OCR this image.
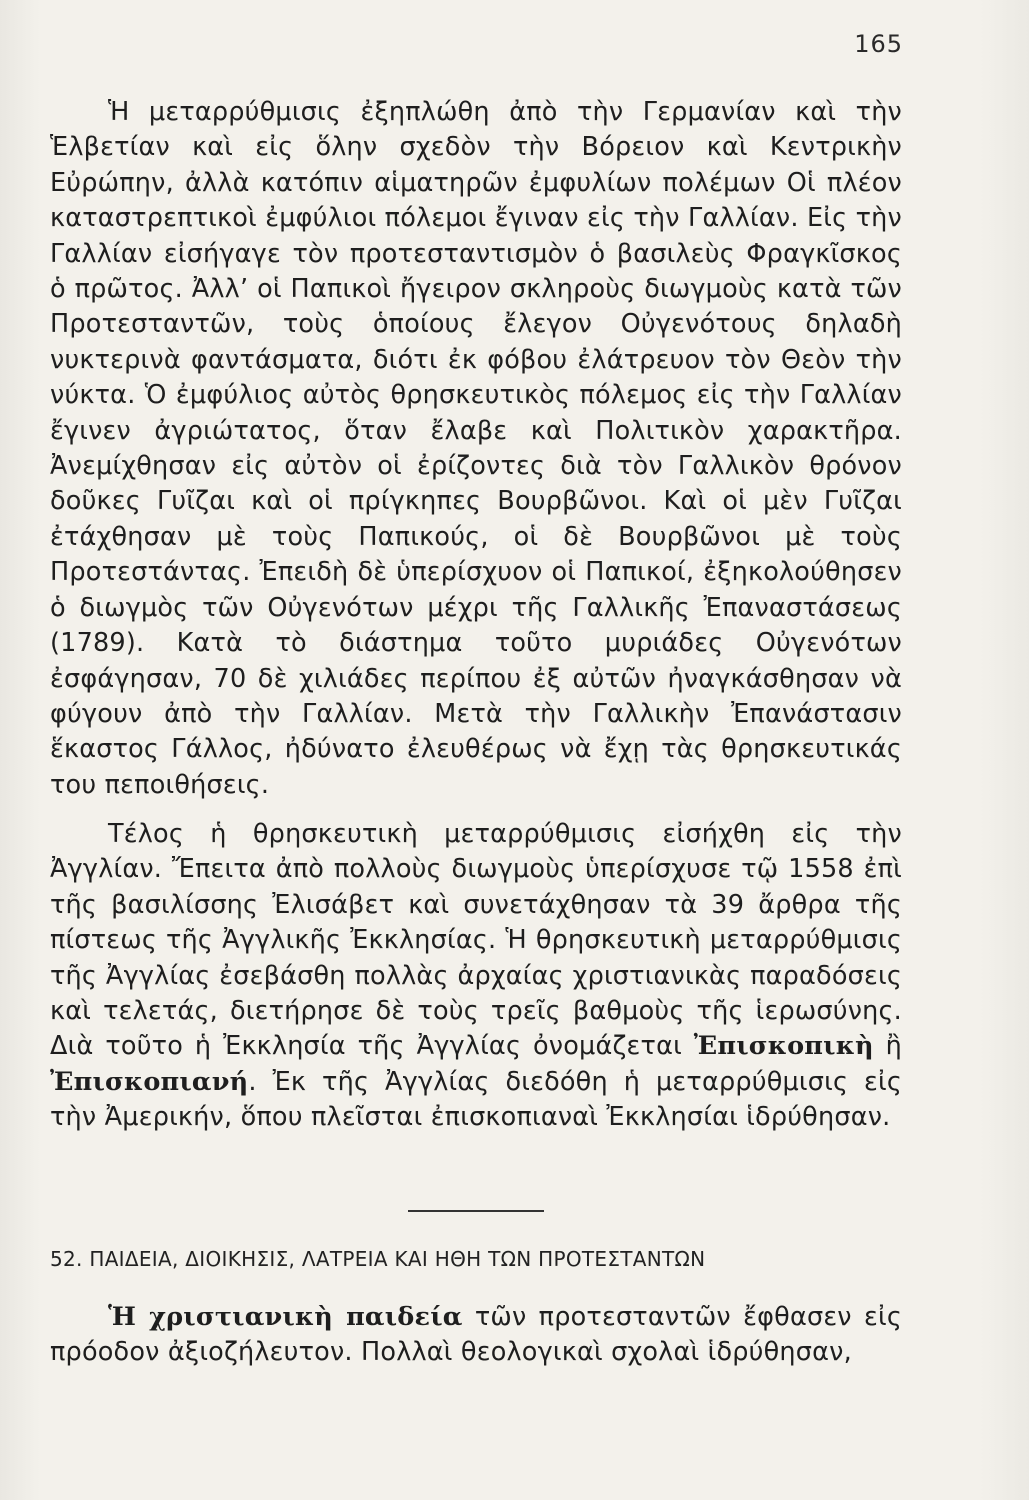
165

Ἡ μεταρρύθμισις ἐξηπλώθη ἀπὸ τὴν Γερμανίαν καὶ τὴν Ἑλβετίαν καὶ εἰς ὅλην σχεδὸν τὴν Βόρειον καὶ Κεντρικὴν Εὐρώπην, ἀλλὰ κατόπιν αἱματηρῶν ἐμφυλίων πολέμων Οἱ πλέον καταστρεπτικοὶ ἐμφύλιοι πόλεμοι ἔγιναν εἰς τὴν Γαλλίαν. Εἰς τὴν Γαλλίαν εἰσήγαγε τὸν προτεσταντισμὸν ὁ βασιλεὺς Φραγκῖσκος ὁ πρῶτος. Ἀλλ’ οἱ Παπικοὶ ἤγειρον σκληροὺς διωγμοὺς κατὰ τῶν Προτεσταντῶν, τοὺς ὁποίους ἔλεγον Οὐγενότους δηλαδὴ νυκτερινὰ φαντάσματα, διότι ἐκ φόβου ἐλάτρευον τὸν Θεὸν τὴν νύκτα. Ὁ ἐμφύλιος αὐτὸς θρησκευτικὸς πόλεμος εἰς τὴν Γαλλίαν ἔγινεν ἀγριώτατος, ὅταν ἔλαβε καὶ Πολιτικὸν χαρακτῆρα. Ἀνεμίχθησαν εἰς αὐτὸν οἱ ἐρίζοντες διὰ τὸν Γαλλικὸν θρόνον δοῦκες Γυῖζαι καὶ οἱ πρίγκηπες Βουρβῶνοι. Καὶ οἱ μὲν Γυῖζαι ἐτάχθησαν μὲ τοὺς Παπικούς, οἱ δὲ Βουρβῶνοι μὲ τοὺς Προτεστάντας. Ἐπειδὴ δὲ ὑπερίσχυον οἱ Παπικοί, ἐξηκολούθησεν ὁ διωγμὸς τῶν Οὐγενότων μέχρι τῆς Γαλλικῆς Ἐπαναστάσεως (1789). Κατὰ τὸ διάστημα τοῦτο μυριάδες Οὐγενότων ἐσφάγησαν, 70 δὲ χιλιάδες περίπου ἐξ αὐτῶν ἠναγκάσθησαν νὰ φύγουν ἀπὸ τὴν Γαλλίαν. Μετὰ τὴν Γαλλικὴν Ἐπανάστασιν ἕκαστος Γάλλος, ἠδύνατο ἐλευθέρως νὰ ἔχῃ τὰς θρησκευτικάς του πεποιθήσεις.

Τέλος ἡ θρησκευτικὴ μεταρρύθμισις εἰσήχθη εἰς τὴν Ἀγγλίαν. Ἔπειτα ἀπὸ πολλοὺς διωγμοὺς ὑπερίσχυσε τῷ 1558 ἐπὶ τῆς βασιλίσσης Ἐλισάβετ καὶ συνετάχθησαν τὰ 39 ἄρθρα τῆς πίστεως τῆς Ἀγγλικῆς Ἐκκλησίας. Ἡ θρησκευτικὴ μεταρρύθμισις τῆς Ἀγγλίας ἐσεβάσθη πολλὰς ἀρχαίας χριστιανικὰς παραδόσεις καὶ τελετάς, διετήρησε δὲ τοὺς τρεῖς βαθμοὺς τῆς ἱερωσύνης. Διὰ τοῦτο ἡ Ἐκκλησία τῆς Ἀγγλίας ὀνομάζεται Ἐπισκοπικὴ ἢ Ἐπισκοπιανή. Ἐκ τῆς Ἀγγλίας διεδόθη ἡ μεταρρύθμισις εἰς τὴν Ἀμερικήν, ὅπου πλεῖσται ἐπισκοπιαναὶ Ἐκκλησίαι ἱδρύθησαν.

52. ΠΑΙΔΕΙΑ, ΔΙΟΙΚΗΣΙΣ, ΛΑΤΡΕΙΑ ΚΑΙ ΗΘΗ ΤΩΝ ΠΡΟΤΕΣΤΑΝΤΩΝ

Ἡ χριστιανικὴ παιδεία τῶν προτεσταντῶν ἔφθασεν εἰς πρόοδον ἀξιοζήλευτον. Πολλαὶ θεολογικαὶ σχολαὶ ἱδρύθησαν,
